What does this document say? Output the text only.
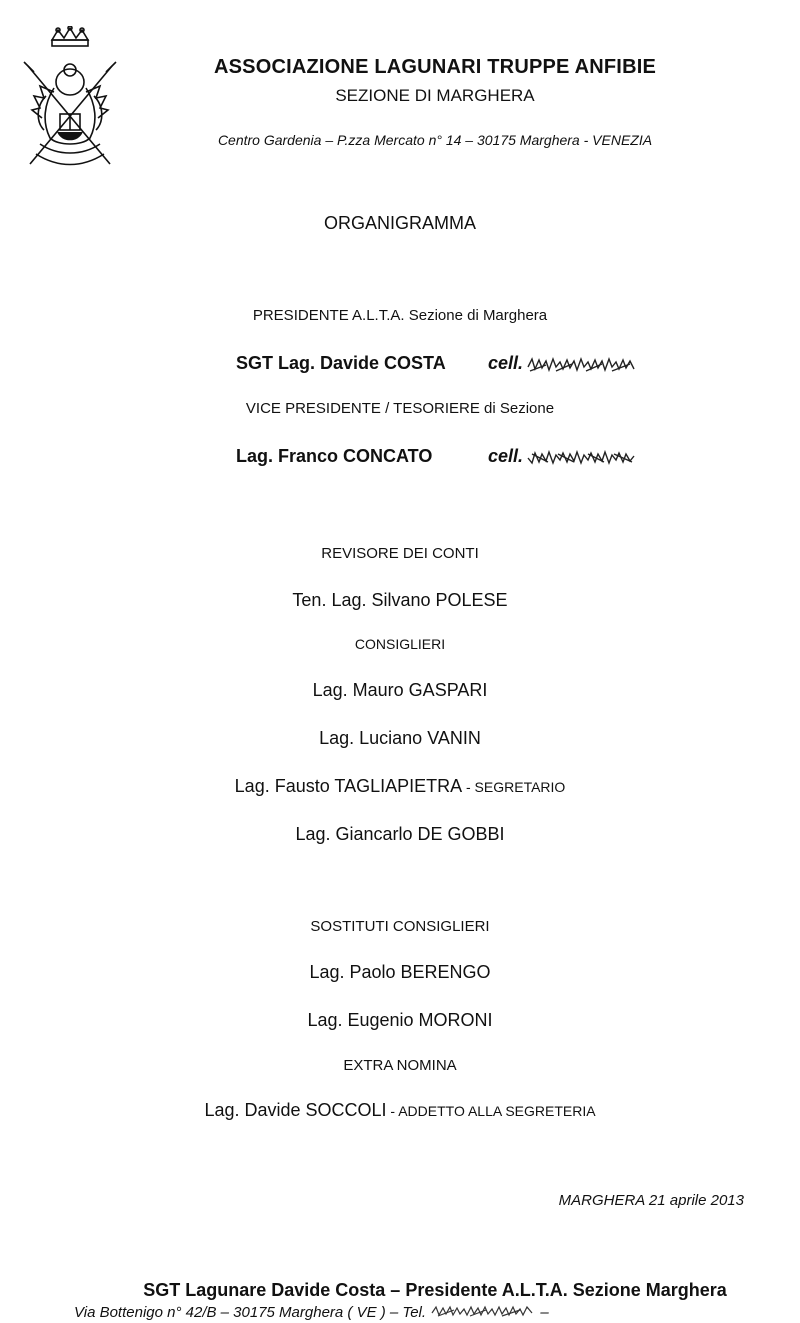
ASSOCIAZIONE LAGUNARI TRUPPE ANFIBIE
SEZIONE DI MARGHERA
Centro Gardenia – P.zza Mercato n° 14 – 30175 Marghera - VENEZIA
ORGANIGRAMMA
PRESIDENTE A.L.T.A. Sezione di Marghera
SGT Lag. Davide COSTA cell.
VICE PRESIDENTE / TESORIERE di Sezione
Lag. Franco CONCATO	cell.
REVISORE DEI CONTI
Ten. Lag. Silvano POLESE
CONSIGLIERI
Lag. Mauro GASPARI
Lag. Luciano VANIN
Lag. Fausto TAGLIAPIETRA - SEGRETARIO
Lag. Giancarlo DE GOBBI
SOSTITUTI CONSIGLIERI
Lag. Paolo BERENGO
Lag. Eugenio MORONI
EXTRA NOMINA
Lag. Davide SOCCOLI - ADDETTO ALLA SEGRETERIA
MARGHERA 21 aprile 2013
SGT Lagunare Davide Costa – Presidente A.L.T.A. Sezione Marghera
Via Bottenigo n° 42/B – 30175 Marghera ( VE ) – Tel.	–
